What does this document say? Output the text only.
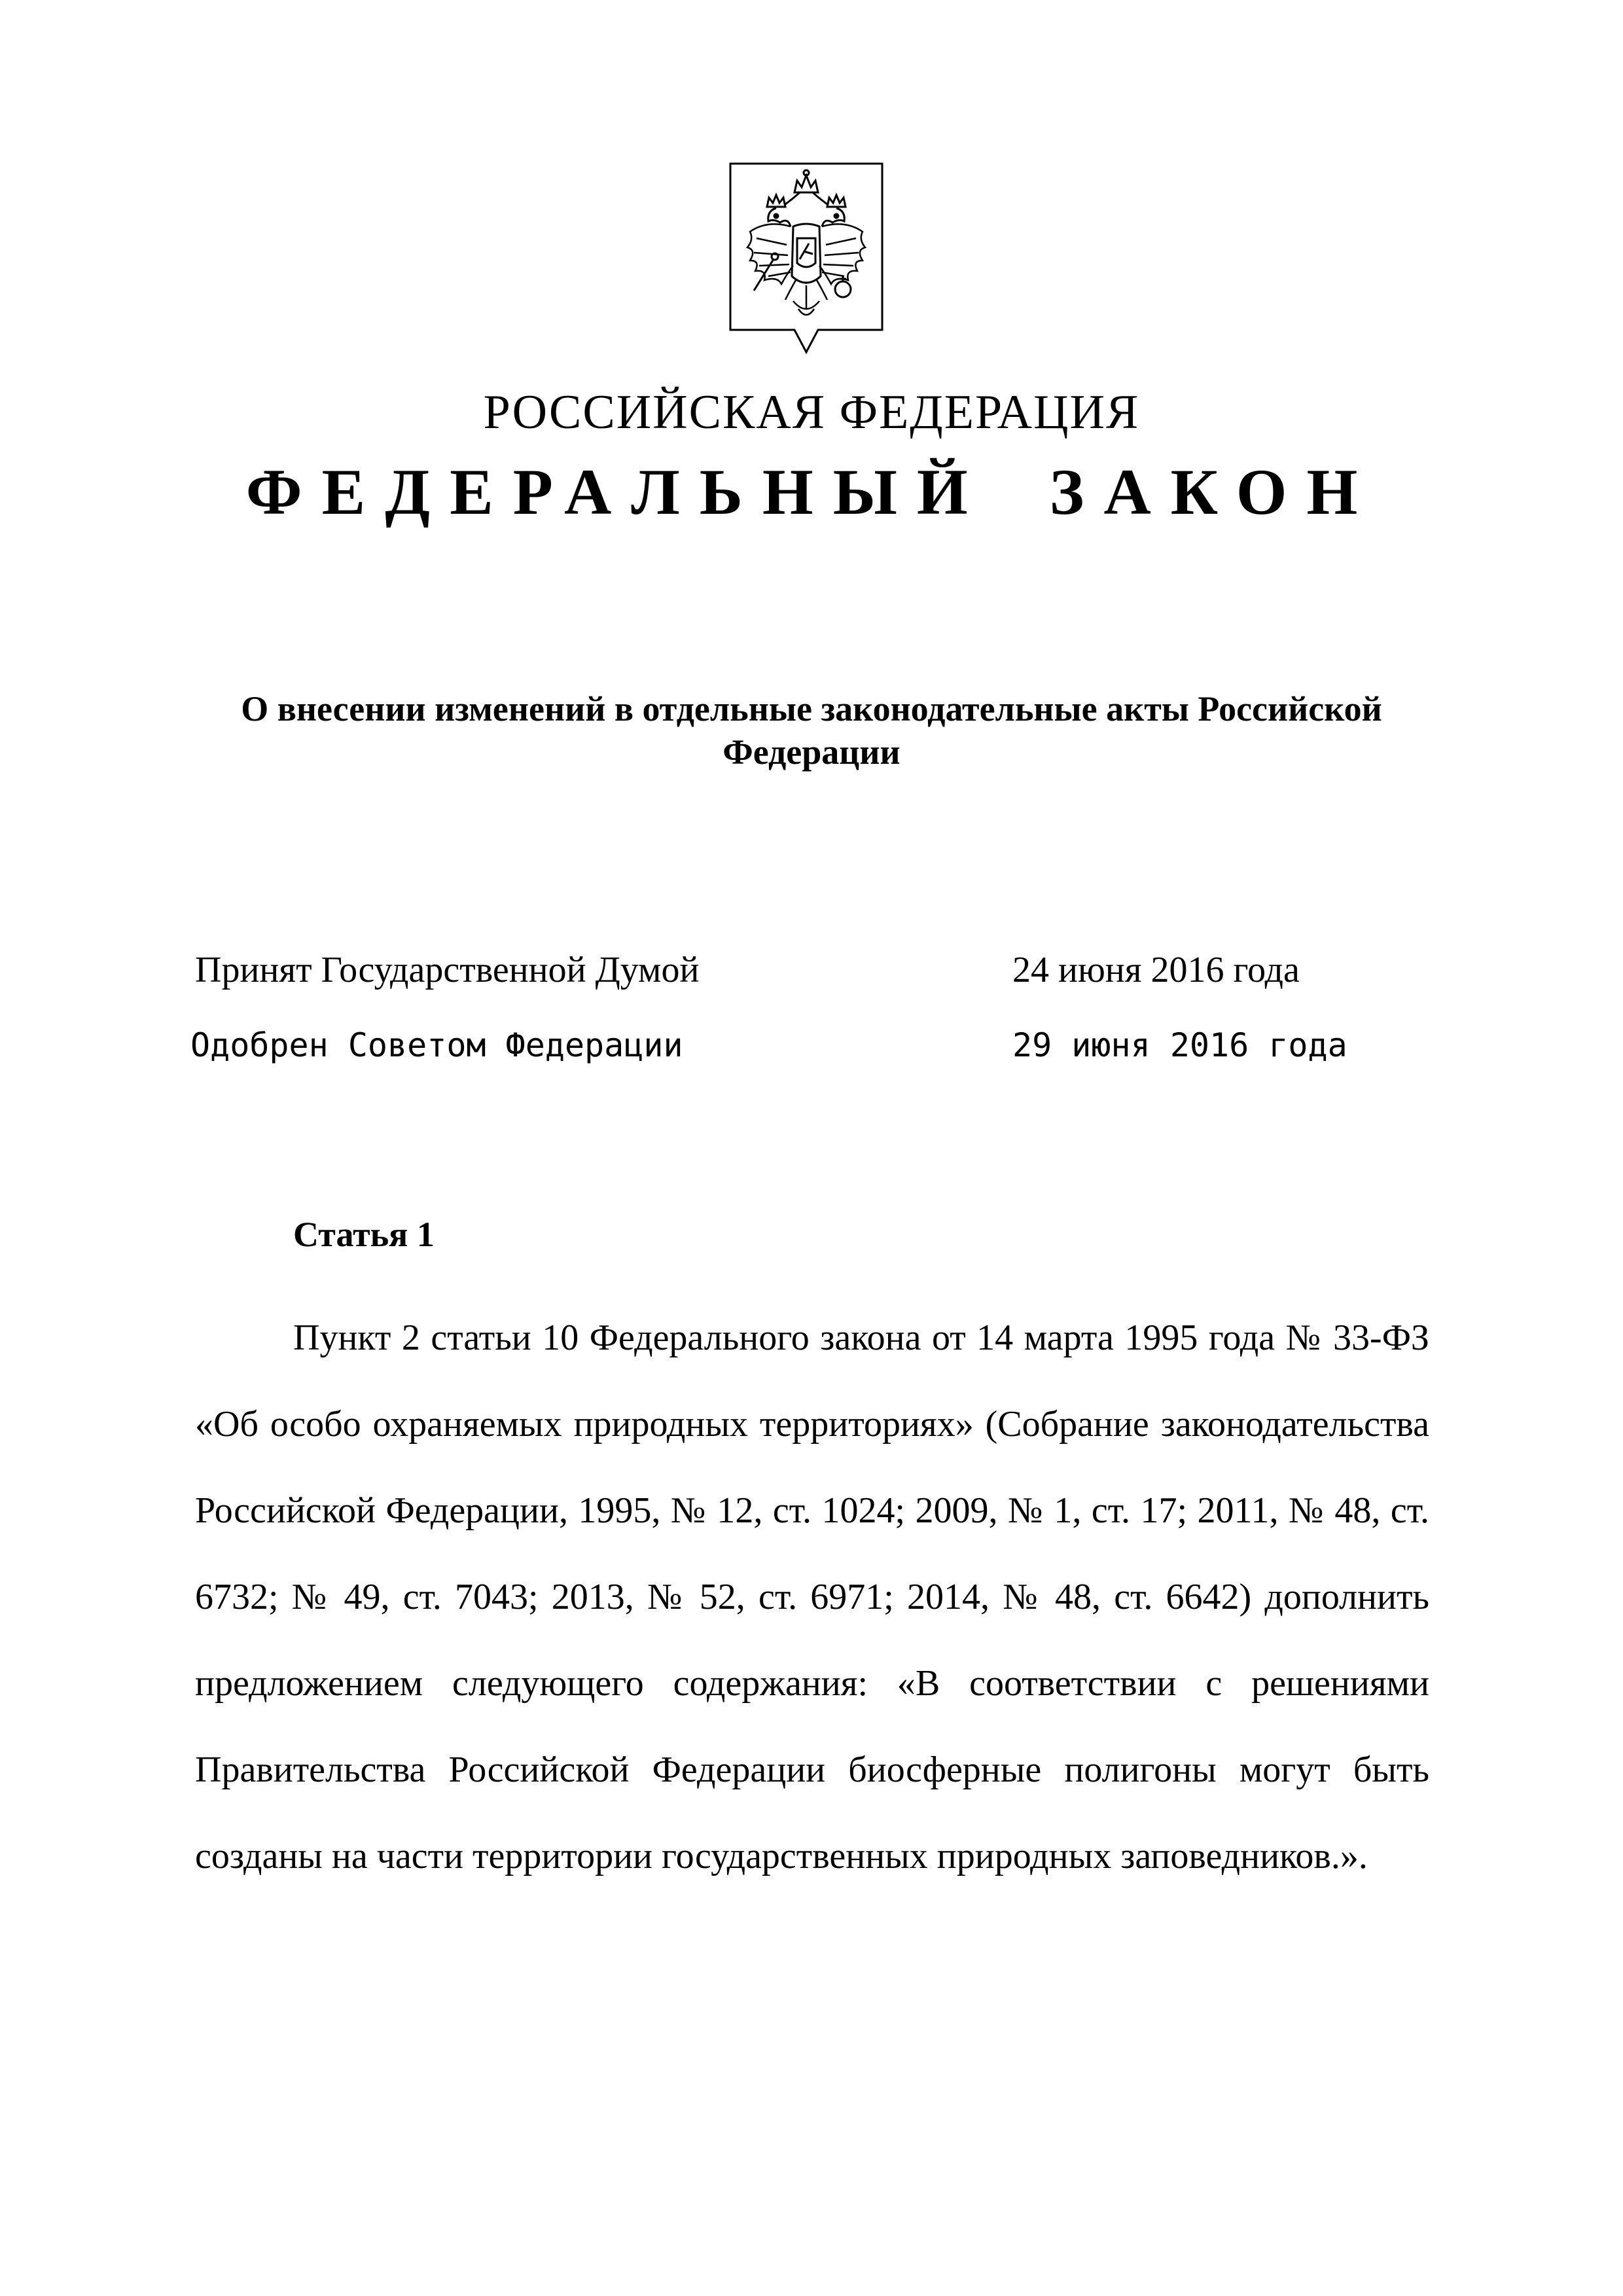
РОССИЙСКАЯ ФЕДЕРАЦИЯ
ФЕДЕРАЛЬНЫЙ ЗАКОН
О внесении изменений в отдельные законодательные акты Российской Федерации
Принят Государственной Думой	24 июня 2016 года
Одобрен Советом Федерации	29 июня 2016 года
Статья 1
Пункт 2 статьи 10 Федерального закона от 14 марта 1995 года № 33-ФЗ «Об особо охраняемых природных территориях» (Собрание законодательства Российской Федерации, 1995, № 12, ст. 1024; 2009, № 1, ст. 17; 2011, № 48, ст. 6732; № 49, ст. 7043; 2013, № 52, ст. 6971; 2014, № 48, ст. 6642) дополнить предложением следующего содержания: «В соответствии с решениями Правительства Российской Федерации биосферные полигоны могут быть созданы на части территории государственных природных заповедников.».
